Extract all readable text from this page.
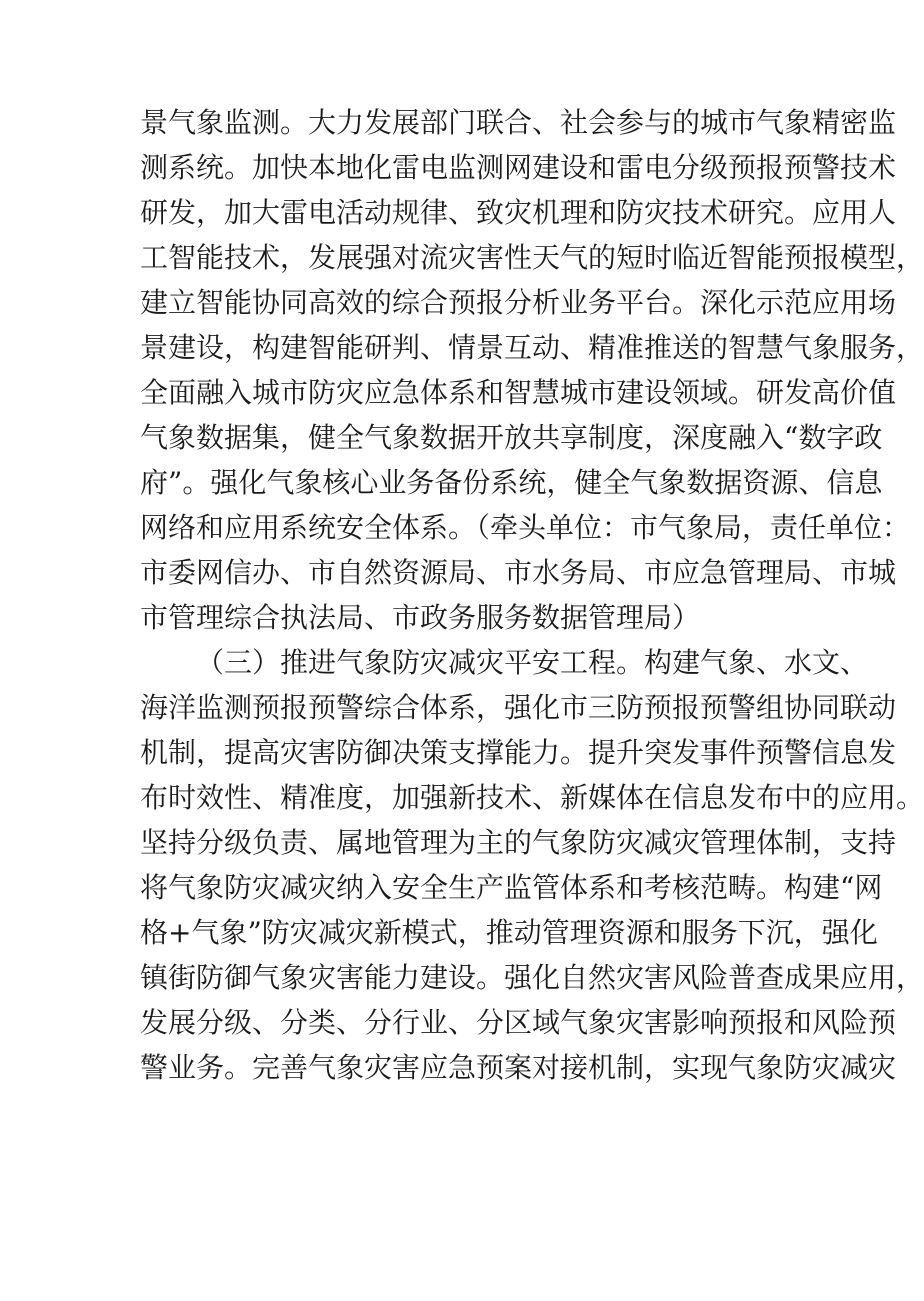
景气象监测。大力发展部门联合、社会参与的城市气象精密监
测系统。加快本地化雷电监测网建设和雷电分级预报预警技术
研发，加大雷电活动规律、致灾机理和防灾技术研究。应用人
工智能技术，发展强对流灾害性天气的短时临近智能预报模型，
建立智能协同高效的综合预报分析业务平台。深化示范应用场
景建设，构建智能研判、情景互动、精准推送的智慧气象服务，
全面融入城市防灾应急体系和智慧城市建设领域。研发高价值
气象数据集，健全气象数据开放共享制度，深度融入“数字政
府”。强化气象核心业务备份系统，健全气象数据资源、信息
网络和应用系统安全体系。（牵头单位：市气象局，责任单位：
市委网信办、市自然资源局、市水务局、市应急管理局、市城
市管理综合执法局、市政务服务数据管理局）
（三）推进气象防灾减灾平安工程。构建气象、水文、
海洋监测预报预警综合体系，强化市三防预报预警组协同联动
机制，提高灾害防御决策支撑能力。提升突发事件预警信息发
布时效性、精准度，加强新技术、新媒体在信息发布中的应用。
坚持分级负责、属地管理为主的气象防灾减灾管理体制，支持
将气象防灾减灾纳入安全生产监管体系和考核范畴。构建“网
格+气象”防灾减灾新模式，推动管理资源和服务下沉，强化
镇街防御气象灾害能力建设。强化自然灾害风险普查成果应用，
发展分级、分类、分行业、分区域气象灾害影响预报和风险预
警业务。完善气象灾害应急预案对接机制，实现气象防灾减灾
